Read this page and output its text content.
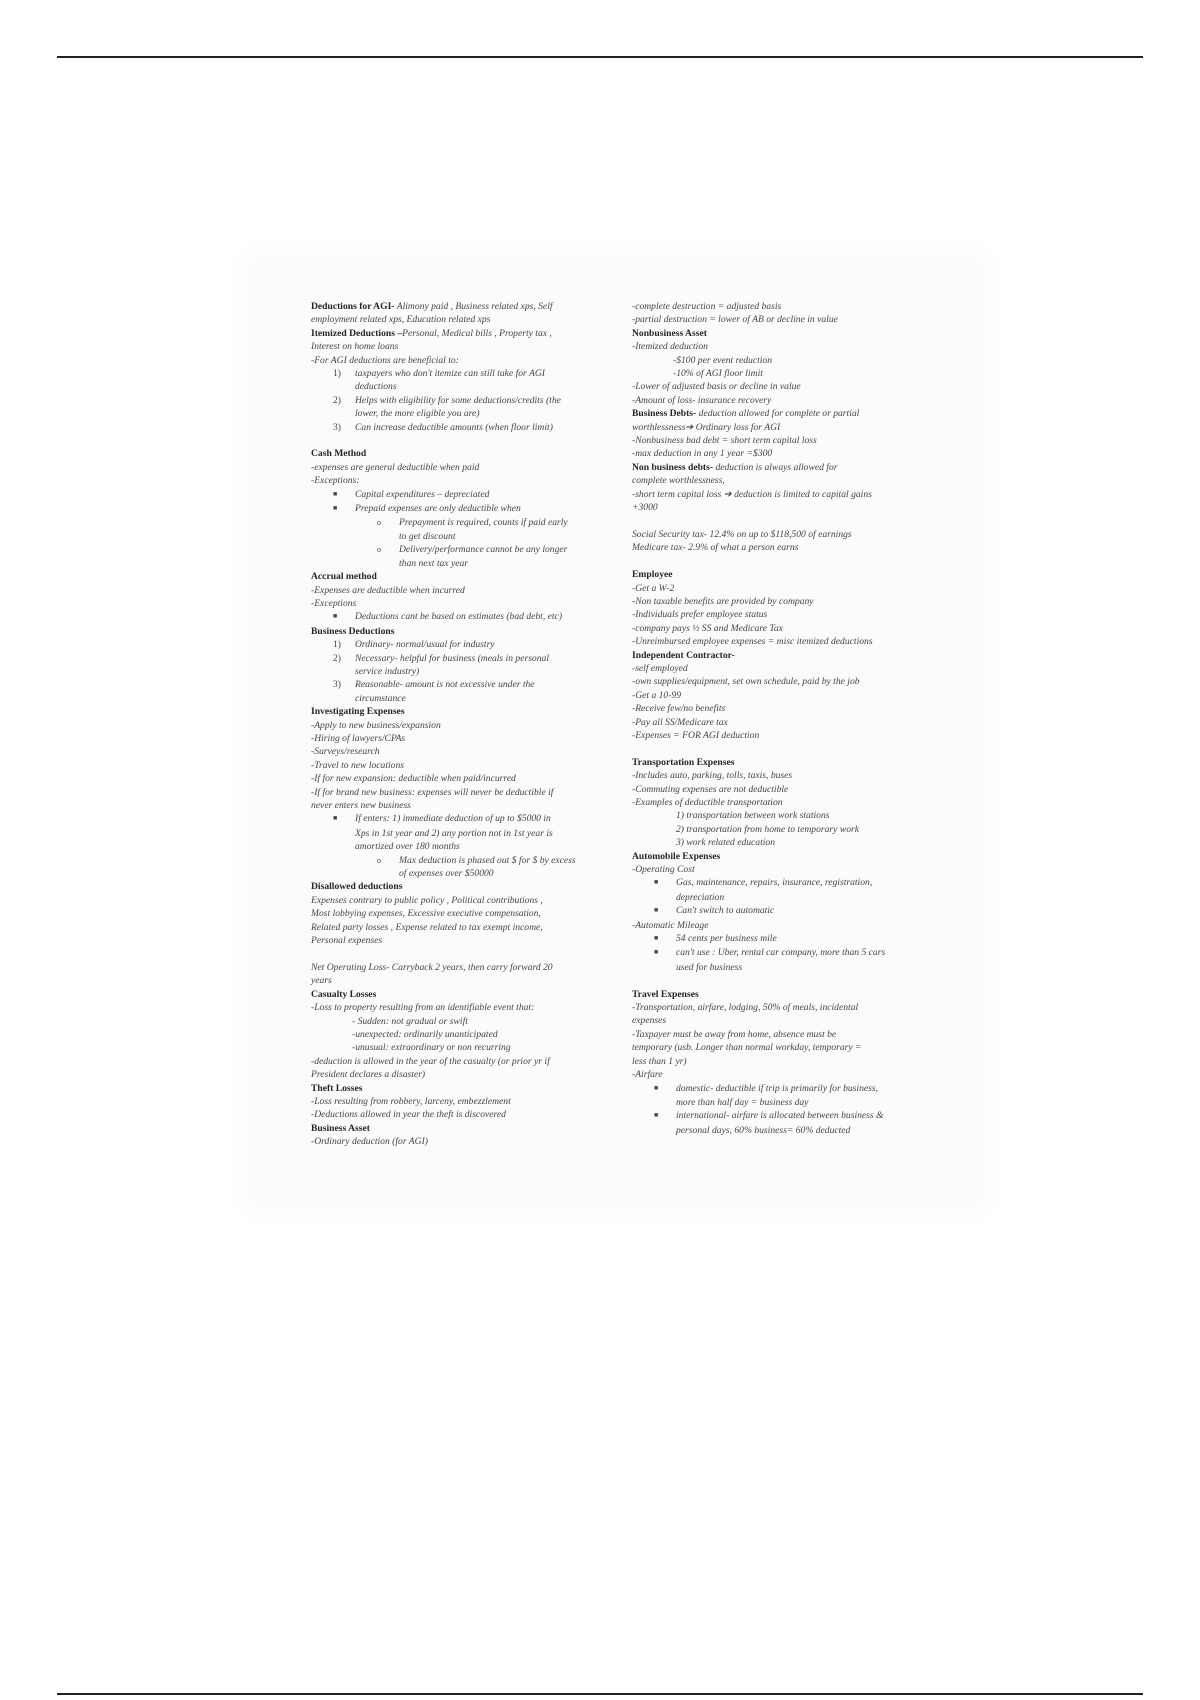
Deductions for AGI- Alimony paid , Business related xps, Self
employment related xps, Education related xps
Itemized Deductions –Personal, Medical bills , Property tax ,
Interest on home loans
-For AGI deductions are beneficial to:
1) taxpayers who don't itemize can still take for AGI
deductions
2) Helps with eligibility for some deductions/credits (the
lower, the more eligible you are)
3) Can increase deductible amounts (when floor limit)
Cash Method
-expenses are general deductible when paid
-Exceptions:
■ Capital expenditures – depreciated
■ Prepaid expenses are only deductible when
o Prepayment is required, counts if paid early
to get discount
o Delivery/performance cannot be any longer
than next tax year
Accrual method
-Expenses are deductible when incurred
-Exceptions
■ Deductions cant be based on estimates (bad debt, etc)
Business Deductions
1) Ordinary- normal/usual for industry
2) Necessary- helpful for business (meals in personal
service industry)
3) Reasonable- amount is not excessive under the
circumstance
Investigating Expenses
-Apply to new business/expansion
-Hiring of lawyers/CPAs
-Surveys/research
-Travel to new locations
-If for new expansion: deductible when paid/incurred
-If for brand new business: expenses will never be deductible if
never enters new business
■ If enters: 1) immediate deduction of up to $5000 in
Xps in 1st year and 2) any portion not in 1st year is
amortized over 180 months
o Max deduction is phased out $ for $ by excess
of expenses over $50000
Disallowed deductions
Expenses contrary to public policy , Political contributions ,
Most lobbying expenses, Excessive executive compensation,
Related party losses , Expense related to tax exempt income,
Personal expenses
Net Operating Loss- Carryback 2 years, then carry forward 20
years
Casualty Losses
-Loss to property resulting from an identifiable event that:
- Sudden: not gradual or swift
-unexpected: ordinarily unanticipated
-unusual: extraordinary or non recurring
-deduction is allowed in the year of the casualty (or prior yr if
President declares a disaster)
Theft Losses
-Loss resulting from robbery, larceny, embezzlement
-Deductions allowed in year the theft is discovered
Business Asset
-Ordinary deduction (for AGI)
-complete destruction = adjusted basis
-partial destruction = lower of AB or decline in value
Nonbusiness Asset
-Itemized deduction
-$100 per event reduction
-10% of AGI floor limit
-Lower of adjusted basis or decline in value
-Amount of loss- insurance recovery
Business Debts- deduction allowed for complete or partial
worthlessness➔ Ordinary loss for AGI
-Nonbusiness bad debt = short term capital loss
-max deduction in any 1 year =$300
Non business debts- deduction is always allowed for
complete worthlessness,
-short term capital loss ➔ deduction is limited to capital gains
+3000
Social Security tax- 12.4% on up to $118,500 of earnings
Medicare tax- 2.9% of what a person earns
Employee
-Get a W-2
-Non taxable benefits are provided by company
-Individuals prefer employee status
-company pays ½ SS and Medicare Tax
-Unreimbursed employee expenses = misc itemized deductions
Independent Contractor-
-self employed
-own supplies/equipment, set own schedule, paid by the job
-Get a 10-99
-Receive few/no benefits
-Pay all SS/Medicare tax
-Expenses = FOR AGI deduction
Transportation Expenses
-Includes auto, parking, tolls, taxis, buses
-Commuting expenses are not deductible
-Examples of deductible transportation
1) transportation between work stations
2) transportation from home to temporary work
3) work related education
Automobile Expenses
-Operating Cost
■ Gas, maintenance, repairs, insurance, registration,
depreciation
■ Can't switch to automatic
-Automatic Mileage
■ 54 cents per business mile
■ can't use : Uber, rental car company, more than 5 cars
used for business
Travel Expenses
-Transportation, airfare, lodging, 50% of meals, incidental
expenses
-Taxpayer must be away from home, absence must be
temporary (usb. Longer than normal workday, temporary =
less than 1 yr)
-Airfare
■ domestic- deductible if trip is primarily for business,
more than half day = business day
■ international- airfare is allocated between business &
personal days, 60% business= 60% deducted
